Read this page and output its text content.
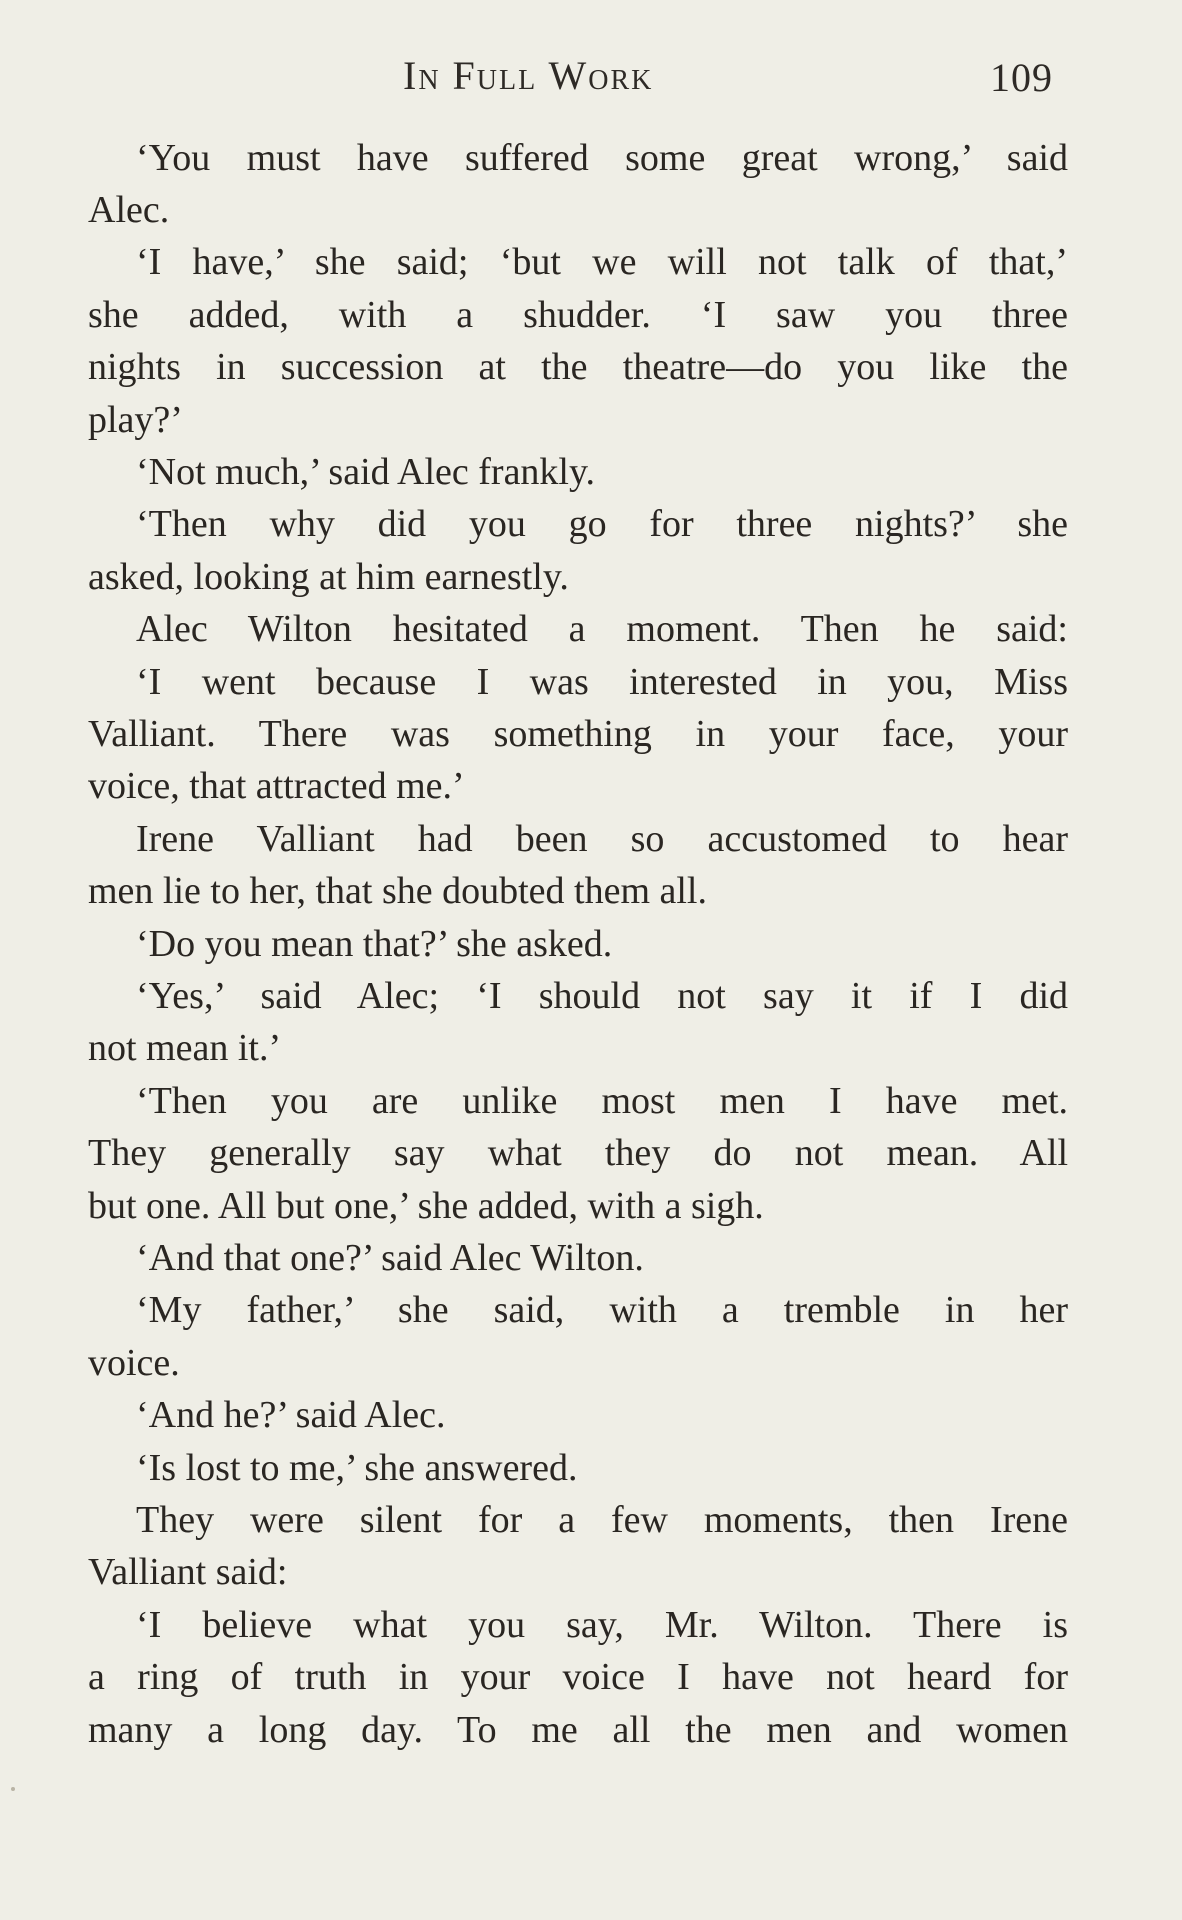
In Full Work	109
‘You must have suffered some great wrong,’ said
Alec.
‘I have,’ she said; ‘but we will not talk of that,’
she added, with a shudder. ‘I saw you three
nights in succession at the theatre—do you like the
play?’
‘Not much,’ said Alec frankly.
‘Then why did you go for three nights?’ she
asked, looking at him earnestly.
Alec Wilton hesitated a moment. Then he said:
‘I went because I was interested in you, Miss
Valliant. There was something in your face, your
voice, that attracted me.’
Irene Valliant had been so accustomed to hear
men lie to her, that she doubted them all.
‘Do you mean that?’ she asked.
‘Yes,’ said Alec; ‘I should not say it if I did
not mean it.’
‘Then you are unlike most men I have met.
They generally say what they do not mean. All
but one. All but one,’ she added, with a sigh.
‘And that one?’ said Alec Wilton.
‘My father,’ she said, with a tremble in her
voice.
‘And he?’ said Alec.
‘Is lost to me,’ she answered.
They were silent for a few moments, then Irene
Valliant said:
‘I believe what you say, Mr. Wilton. There is
a ring of truth in your voice I have not heard for
many a long day. To me all the men and women
